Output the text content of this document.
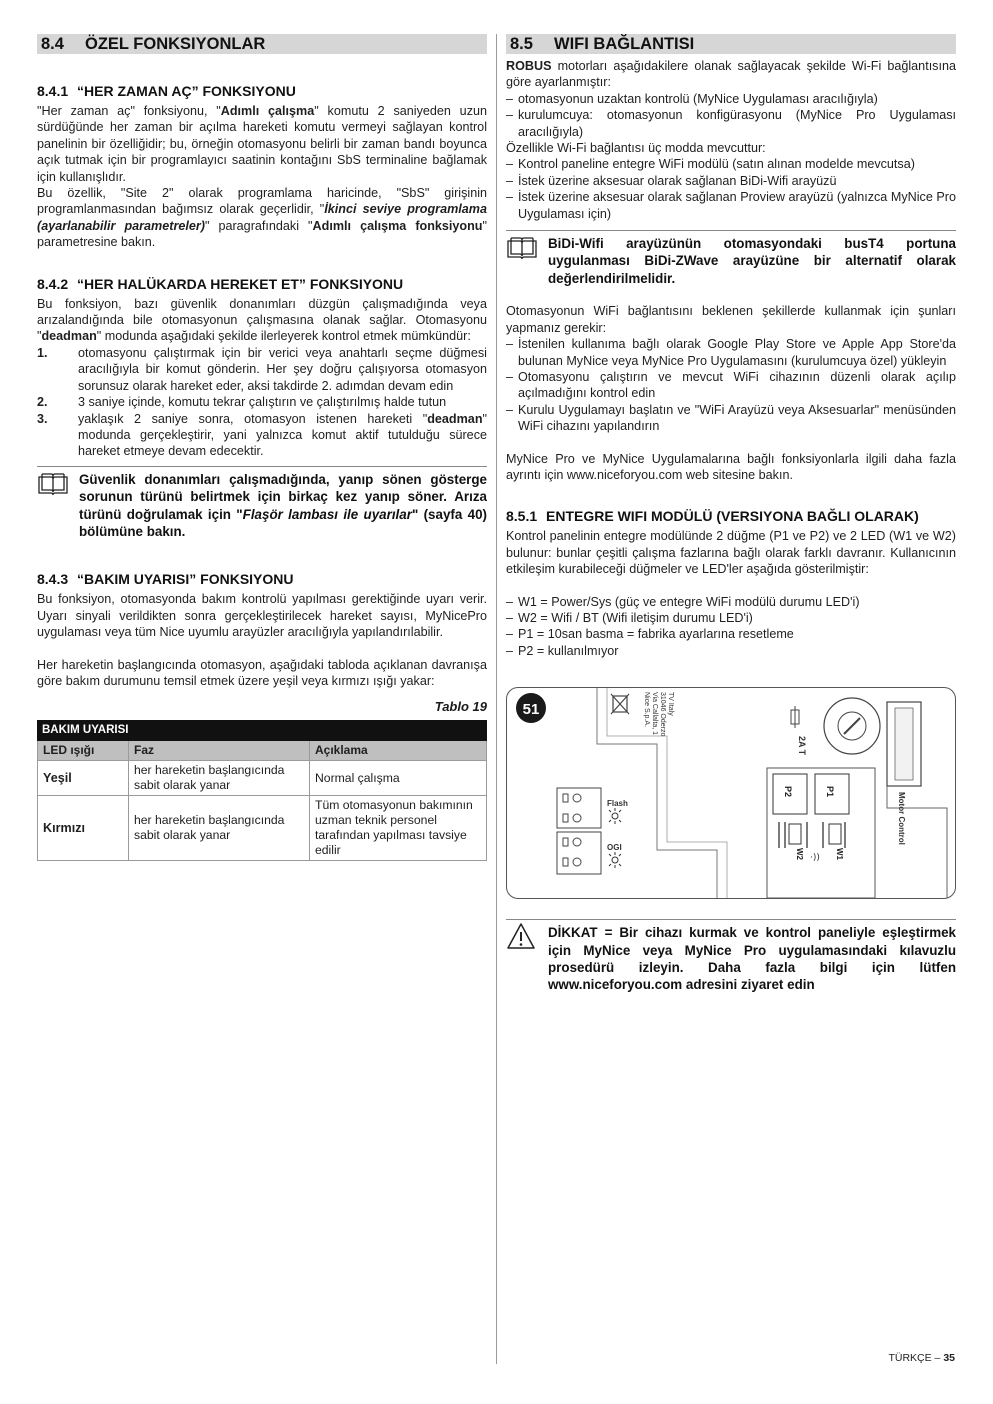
8.4 ÖZEL FONKSIYONLAR
8.4.1 “HER ZAMAN AÇ” FONKSIYONU

"Her zaman aç" fonksiyonu, "Adımlı çalışma" komutu 2 saniyeden uzun sürdüğünde her zaman bir açılma hareketi komutu vermeyi sağlayan kontrol panelinin bir özelliğidir; bu, örneğin otomasyonu belirli bir zaman bandı boyunca açık tutmak için bir programlayıcı saatinin kontağını SbS terminaline bağlamak için kullanışlıdır.

Bu özellik, "Site 2" olarak programlama haricinde, "SbS" girişinin programlanmasından bağımsız olarak geçerlidir, "İkinci seviye programlama (ayarlanabilir parametreler)" paragrafındaki "Adımlı çalışma fonksiyonu" parametresine bakın.

8.4.2 “HER HALÜKARDA HEREKET ET” FONKSIYONU

Bu fonksiyon, bazı güvenlik donanımları düzgün çalışmadığında veya arızalandığında bile otomasyonun çalışmasına olanak sağlar. Otomasyonu "deadman" modunda aşağıdaki şekilde ilerleyerek kontrol etmek mümkündür:

1. otomasyonu çalıştırmak için bir verici veya anahtarlı seçme düğmesi aracılığıyla bir komut gönderin. Her şey doğru çalışıyorsa otomasyon sorunsuz olarak hareket eder, aksi takdirde 2. adımdan devam edin
2. 3 saniye içinde, komutu tekrar çalıştırın ve çalıştırılmış halde tutun
3. yaklaşık 2 saniye sonra, otomasyon istenen hareketi "deadman" modunda gerçekleştirir, yani yalnızca komut aktif tutulduğu sürece hareket etmeye devam edecektir.
Güvenlik donanımları çalışmadığında, yanıp sönen gösterge sorunun türünü belirtmek için birkaç kez yanıp söner. Arıza türünü doğrulamak için "Flaşör lambası ile uyarılar" (sayfa 40) bölümüne bakın.
8.4.3 “BAKIM UYARISI” FONKSIYONU

Bu fonksiyon, otomasyonda bakım kontrolü yapılması gerektiğinde uyarı verir. Uyarı sinyali verildikten sonra gerçekleştirilecek hareket sayısı, MyNicePro uygulaması veya tüm Nice uyumlu arayüzler aracılığıyla yapılandırılabilir.

Her hareketin başlangıcında otomasyon, aşağıdaki tabloda açıklanan davranışa göre bakım durumunu temsil etmek üzere yeşil veya kırmızı ışığı yakar:

Tablo 19
BAKIM UYARISI		
LED ışığı	Faz	Açıklama
Yeşil	her hareketin başlangıcında sabit olarak yanar	Normal çalışma
Kırmızı	her hareketin başlangıcında sabit olarak yanar	Tüm otomasyonun bakımının uzman teknik personel tarafından yapılması tavsiye edilir
8.5 WIFI BAĞLANTISI

ROBUS motorları aşağıdakilere olanak sağlayacak şekilde Wi-Fi bağlantısına göre ayarlanmıştır:

– otomasyonun uzaktan kontrolü (MyNice Uygulaması aracılığıyla)
– kurulumcuya: otomasyonun konfigürasyonu (MyNice Pro Uygulaması aracılığıyla)

Özellikle Wi-Fi bağlantısı üç modda mevcuttur:

– Kontrol paneline entegre WiFi modülü (satın alınan modelde mevcutsa)
– İstek üzerine aksesuar olarak sağlanan BiDi-Wifi arayüzü
– İstek üzerine aksesuar olarak sağlanan Proview arayüzü (yalnızca MyNice Pro Uygulaması için)
BiDi-Wifi arayüzünün otomasyondaki busT4 portuna uygulanması BiDi-ZWave arayüzüne bir alternatif olarak değerlendirilmelidir.

Otomasyonun WiFi bağlantısını beklenen şekillerde kullanmak için şunları yapmanız gerekir:

– İstenilen kullanıma bağlı olarak Google Play Store ve Apple App Store'da bulunan MyNice veya MyNice Pro Uygulamasını (kurulumcuya özel) yükleyin
– Otomasyonu çalıştırın ve mevcut WiFi cihazının düzenli olarak açılıp açılmadığını kontrol edin
– Kurulu Uygulamayı başlatın ve "WiFi Arayüzü veya Aksesuarlar" menüsünden WiFi cihazını yapılandırın

MyNice Pro ve MyNice Uygulamalarına bağlı fonksiyonlarla ilgili daha fazla ayrıntı için www.niceforyou.com web sitesine bakın.

8.5.1 ENTEGRE WIFI MODÜLÜ (VERSIYONA BAĞLI OLARAK)

Kontrol panelinin entegre modülünde 2 düğme (P1 ve P2) ve 2 LED (W1 ve W2) bulunur: bunlar çeşitli çalışma fazlarına bağlı olarak farklı davranır. Kullanıcının etkileşim kurabileceği düğmeler ve LED'ler aşağıda gösterilmiştir:

– W1 = Power/Sys (güç ve entegre WiFi modülü durumu LED'i)
– W2 = Wifi / BT (Wifi iletişim durumu LED'i)
– P1 = 10san basma = fabrika ayarlarına resetleme
– P2 = kullanılmıyor
51	Nice S.p.A. Via Callalta, 1 31046 Oderzo TV Italy
Flash
OGI
2A T
Motor Control
P2	P1
·))
W2	W1
DİKKAT = Bir cihazı kurmak ve kontrol paneliyle eşleştirmek için MyNice veya MyNice Pro uygulamasındaki kılavuzlu prosedürü izleyin. Daha fazla bilgi için lütfen www.niceforyou.com adresini ziyaret edin
TÜRKÇE – 35
